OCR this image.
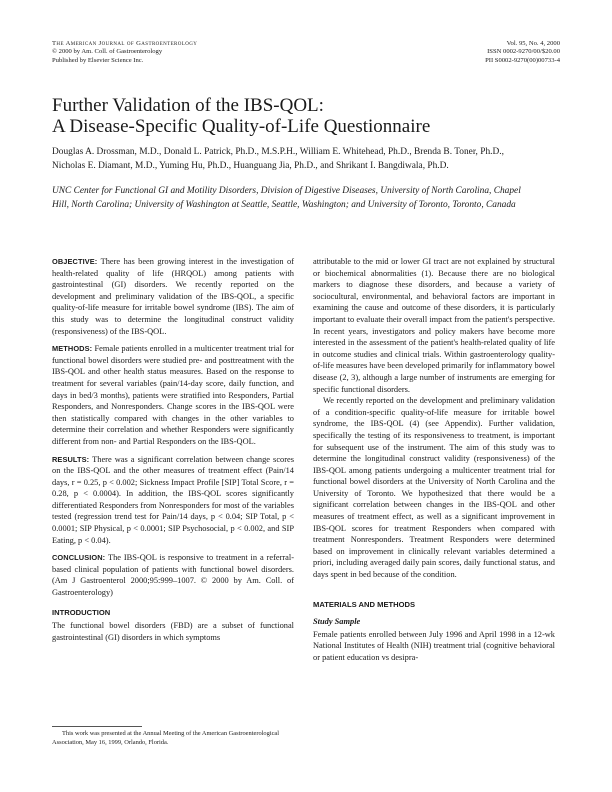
The American Journal of Gastroenterology
© 2000 by Am. Coll. of Gastroenterology
Published by Elsevier Science Inc.
Vol. 95, No. 4, 2000
ISSN 0002-9270/00/$20.00
PII S0002-9270(00)00733-4
Further Validation of the IBS-QOL:
A Disease-Specific Quality-of-Life Questionnaire
Douglas A. Drossman, M.D., Donald L. Patrick, Ph.D., M.S.P.H., William E. Whitehead, Ph.D., Brenda B. Toner, Ph.D., Nicholas E. Diamant, M.D., Yuming Hu, Ph.D., Huanguang Jia, Ph.D., and Shrikant I. Bangdiwala, Ph.D.
UNC Center for Functional GI and Motility Disorders, Division of Digestive Diseases, University of North Carolina, Chapel Hill, North Carolina; University of Washington at Seattle, Seattle, Washington; and University of Toronto, Toronto, Canada

OBJECTIVE: There has been growing interest in the investigation of health-related quality of life (HRQOL) among patients with gastrointestinal (GI) disorders. We recently reported on the development and preliminary validation of the IBS-QOL, a specific quality-of-life measure for irritable bowel syndrome (IBS). The aim of this study was to determine the longitudinal construct validity (responsiveness) of the IBS-QOL.

METHODS: Female patients enrolled in a multicenter treatment trial for functional bowel disorders were studied pre- and posttreatment with the IBS-QOL and other health status measures. Based on the response to treatment for several variables (pain/14-day score, daily function, and days in bed/3 months), patients were stratified into Responders, Partial Responders, and Nonresponders. Change scores in the IBS-QOL were then statistically compared with changes in the other variables to determine their correlation and whether Responders were significantly different from non- and Partial Responders on the IBS-QOL.

RESULTS: There was a significant correlation between change scores on the IBS-QOL and the other measures of treatment effect (Pain/14 days, r = 0.25, p < 0.002; Sickness Impact Profile [SIP] Total Score, r = 0.28, p < 0.0004). In addition, the IBS-QOL scores significantly differentiated Responders from Nonresponders for most of the variables tested (regression trend test for Pain/14 days, p < 0.04; SIP Total, p < 0.0001; SIP Physical, p < 0.0001; SIP Psychosocial, p < 0.002, and SIP Eating, p < 0.04).

CONCLUSION: The IBS-QOL is responsive to treatment in a referral-based clinical population of patients with functional bowel disorders. (Am J Gastroenterol 2000;95:999–1007. © 2000 by Am. Coll. of Gastroenterology)

INTRODUCTION

The functional bowel disorders (FBD) are a subset of functional gastrointestinal (GI) disorders in which symptoms

attributable to the mid or lower GI tract are not explained by structural or biochemical abnormalities (1). Because there are no biological markers to diagnose these disorders, and because a variety of sociocultural, environmental, and behavioral factors are important in examining the cause and outcome of these disorders, it is particularly important to evaluate their overall impact from the patient's perspective. In recent years, investigators and policy makers have become more interested in the assessment of the patient's health-related quality of life in outcome studies and clinical trials. Within gastroenterology quality-of-life measures have been developed primarily for inflammatory bowel disease (2, 3), although a large number of instruments are emerging for specific functional disorders.

We recently reported on the development and preliminary validation of a condition-specific quality-of-life measure for irritable bowel syndrome, the IBS-QOL (4) (see Appendix). Further validation, specifically the testing of its responsiveness to treatment, is important for subsequent use of the instrument. The aim of this study was to determine the longitudinal construct validity (responsiveness) of the IBS-QOL among patients undergoing a multicenter treatment trial for functional bowel disorders at the University of North Carolina and the University of Toronto. We hypothesized that there would be a significant correlation between changes in the IBS-QOL and other measures of treatment effect, as well as a significant improvement in IBS-QOL scores for treatment Responders when compared with treatment Nonresponders. Treatment Responders were determined based on improvement in clinically relevant variables determined a priori, including averaged daily pain scores, daily functional status, and days spent in bed because of the condition.

MATERIALS AND METHODS
Study Sample

Female patients enrolled between July 1996 and April 1998 in a 12-wk National Institutes of Health (NIH) treatment trial (cognitive behavioral or patient education vs desipra-

This work was presented at the Annual Meeting of the American Gastroenterological Association, May 16, 1999, Orlando, Florida.
